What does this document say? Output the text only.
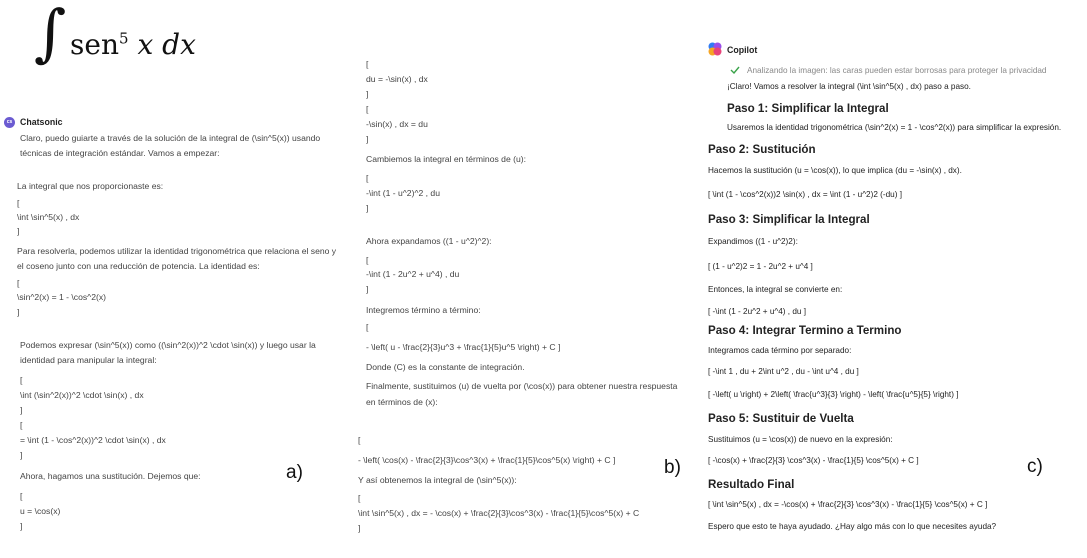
∫ sen$^5$ x dx
cs Chatsonic
Claro, puedo guiarte a través de la solución de la integral de (\sin^5(x)) usando
técnicas de integración estándar. Vamos a empezar:
La integral que nos proporcionaste es:
[
\int \sin^5(x) , dx
]
Para resolverla, podemos utilizar la identidad trigonométrica que relaciona el seno y
el coseno junto con una reducción de potencia. La identidad es:
[
\sin^2(x) = 1 - \cos^2(x)
]
Podemos expresar (\sin^5(x)) como ((\sin^2(x))^2 \cdot \sin(x)) y luego usar la
identidad para manipular la integral:
[
\int (\sin^2(x))^2 \cdot \sin(x) , dx
]
[
= \int (1 - \cos^2(x))^2 \cdot \sin(x) , dx
]
Ahora, hagamos una sustitución. Dejemos que:
[
u = \cos(x)
]
a)
[
du = -\sin(x) , dx
]
[
-\sin(x) , dx = du
]
Cambiemos la integral en términos de (u):
[
-\int (1 - u^2)^2 , du
]
Ahora expandamos ((1 - u^2)^2):
[
-\int (1 - 2u^2 + u^4) , du
]
Integremos término a término:
[
- \left( u - \frac{2}{3}u^3 + \frac{1}{5}u^5 \right) + C ]
Donde (C) es la constante de integración.
Finalmente, sustituimos (u) de vuelta por (\cos(x)) para obtener nuestra respuesta
en términos de (x):
[
- \left( \cos(x) - \frac{2}{3}\cos^3(x) + \frac{1}{5}\cos^5(x) \right) + C ]
Y así obtenemos la integral de (\sin^5(x)):
[
\int \sin^5(x) , dx = - \cos(x) + \frac{2}{3}\cos^3(x) - \frac{1}{5}\cos^5(x) + C
]
b)
Copilot
Analizando la imagen: las caras pueden estar borrosas para proteger la privacidad
¡Claro! Vamos a resolver la integral (\int \sin^5(x) , dx) paso a paso.
Paso 1: Simplificar la Integral
Usaremos la identidad trigonométrica (\sin^2(x) = 1 - \cos^2(x)) para simplificar la expresión.
Paso 2: Sustitución
Hacemos la sustitución (u = \cos(x)), lo que implica (du = -\sin(x) , dx).
[ \int (1 - \cos^2(x))2 \sin(x) , dx = \int (1 - u^2)2 (-du) ]
Paso 3: Simplificar la Integral
Expandimos ((1 - u^2)2):
[ (1 - u^2)2 = 1 - 2u^2 + u^4 ]
Entonces, la integral se convierte en:
[ -\int (1 - 2u^2 + u^4) , du ]
Paso 4: Integrar Termino a Termino
Integramos cada término por separado:
[ -\int 1 , du + 2\int u^2 , du - \int u^4 , du ]
[ -\left( u \right) + 2\left( \frac{u^3}{3} \right) - \left( \frac{u^5}{5} \right) ]
Paso 5: Sustituir de Vuelta
Sustituimos (u = \cos(x)) de nuevo en la expresión:
[ -\cos(x) + \frac{2}{3} \cos^3(x) - \frac{1}{5} \cos^5(x) + C ]
Resultado Final
[ \int \sin^5(x) , dx = -\cos(x) + \frac{2}{3} \cos^3(x) - \frac{1}{5} \cos^5(x) + C ]
Espero que esto te haya ayudado. ¿Hay algo más con lo que necesites ayuda?
c)
